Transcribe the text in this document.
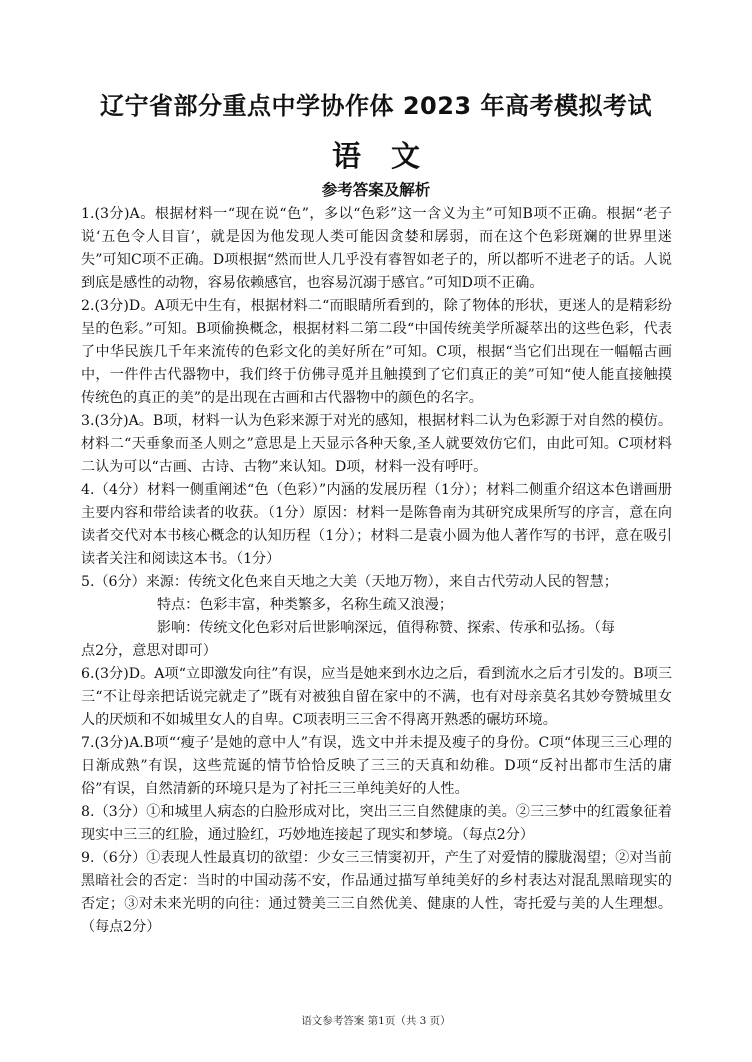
辽宁省部分重点中学协作体 2023 年高考模拟考试
语 文
参考答案及解析

1.(3分)A。根据材料一“现在说“色”，多以“色彩”这一含义为主”可知B项不正确。根据“老子说‘五色令人目盲’，就是因为他发现人类可能因贪婪和孱弱，而在这个色彩斑斓的世界里迷失”可知C项不正确。D项根据“然而世人几乎没有睿智如老子的，所以都听不进老子的话。人说到底是感性的动物，容易依赖感官，也容易沉溺于感官。”可知D项不正确。

2.(3分)D。A项无中生有，根据材料二“而眼睛所看到的，除了物体的形状，更迷人的是精彩纷呈的色彩。”可知。B项偷换概念，根据材料二第二段“中国传统美学所凝萃出的这些色彩，代表了中华民族几千年来流传的色彩文化的美好所在”可知。C项，根据“当它们出现在一幅幅古画中，一件件古代器物中，我们终于仿佛寻觅并且触摸到了它们真正的美”可知“使人能直接触摸传统色的真正的美”的是出现在古画和古代器物中的颜色的名字。

3.(3分)A。B项，材料一认为色彩来源于对光的感知，根据材料二认为色彩源于对自然的模仿。材料二“天垂象而圣人则之”意思是上天显示各种天象,圣人就要效仿它们，由此可知。C项材料二认为可以“古画、古诗、古物”来认知。D项，材料一没有呼吁。

4.（4分）材料一侧重阐述“色（色彩）”内涵的发展历程（1分）；材料二侧重介绍这本色谱画册主要内容和带给读者的收获。（1分）原因：材料一是陈鲁南为其研究成果所写的序言，意在向读者交代对本书核心概念的认知历程（1分）；材料二是袁小圆为他人著作写的书评，意在吸引读者关注和阅读这本书。（1分）

5.（6分）来源：传统文化色来自天地之大美（天地万物），来自古代劳动人民的智慧；

特点：色彩丰富，种类繁多，名称生疏又浪漫；

影响：传统文化色彩对后世影响深远，值得称赞、探索、传承和弘扬。（每

点2分，意思对即可）

6.(3分)D。A项“立即激发向往”有误，应当是她来到水边之后，看到流水之后才引发的。B项三三“不让母亲把话说完就走了”既有对被独自留在家中的不满，也有对母亲莫名其妙夸赞城里女人的厌烦和不如城里女人的自卑。C项表明三三舍不得离开熟悉的碾坊环境。

7.(3分)A.B项“‘瘦子’是她的意中人”有误，选文中并未提及瘦子的身份。C项“体现三三心理的日渐成熟”有误，这些荒诞的情节恰恰反映了三三的天真和幼稚。D项“反衬出都市生活的庸俗”有误，自然清新的环境只是为了衬托三三单纯美好的人性。

8.（3分）①和城里人病态的白脸形成对比，突出三三自然健康的美。②三三梦中的红霞象征着现实中三三的红脸，通过脸红，巧妙地连接起了现实和梦境。（每点2分）

9.（6分）①表现人性最真切的欲望：少女三三情窦初开，产生了对爱情的朦胧渴望；②对当前黑暗社会的否定：当时的中国动荡不安，作品通过描写单纯美好的乡村表达对混乱黑暗现实的否定；③对未来光明的向往：通过赞美三三自然优美、健康的人性，寄托爱与美的人生理想。（每点2分）

语文参考答案 第1页（共 3 页）
